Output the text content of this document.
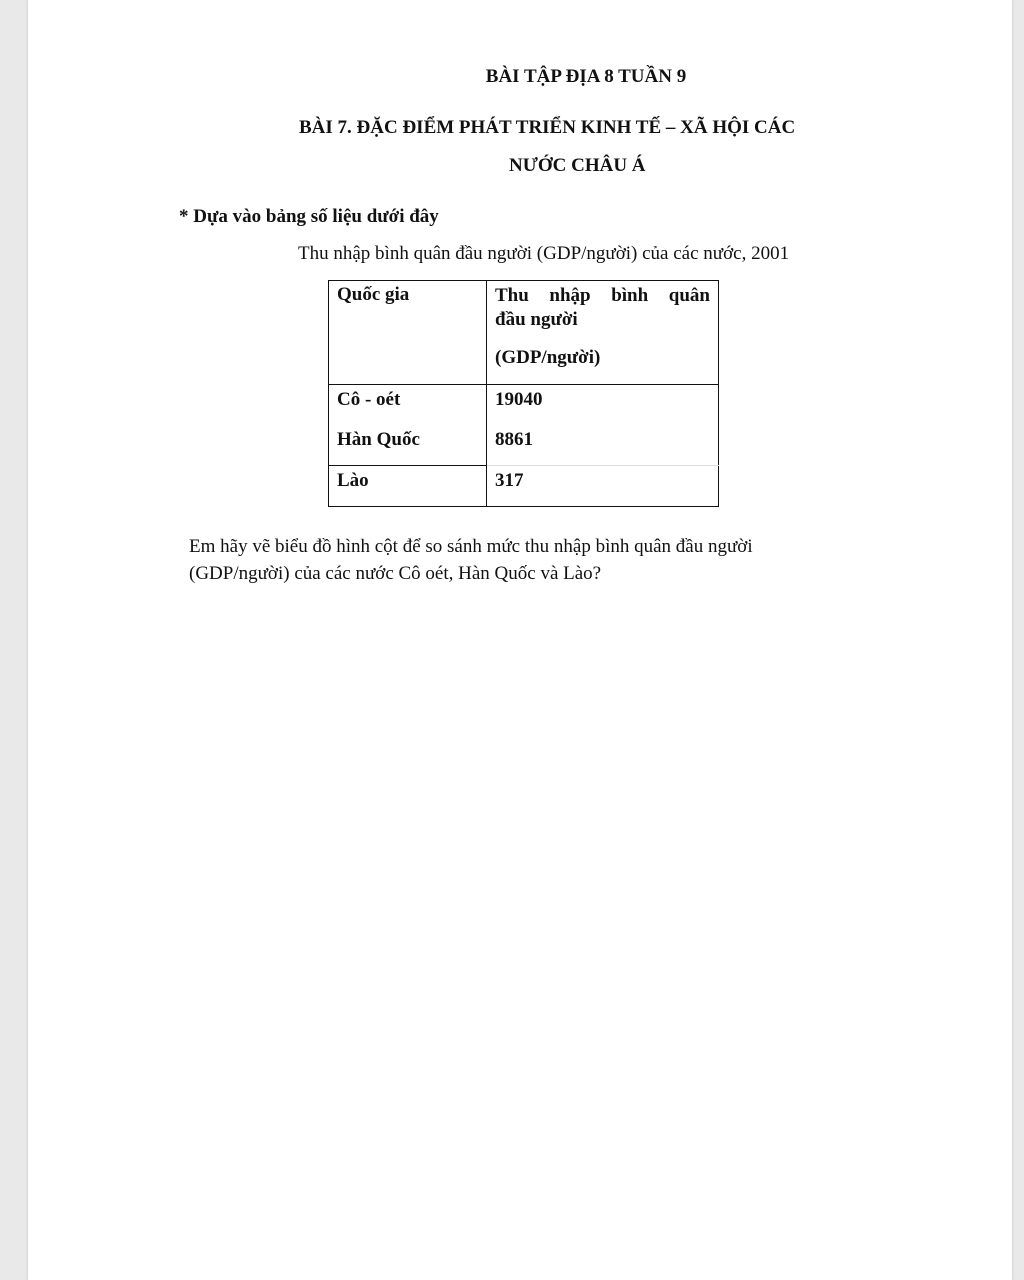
BÀI TẬP ĐỊA 8 TUẦN 9
BÀI 7. ĐẶC ĐIỂM PHÁT TRIỂN KINH TẾ – XÃ HỘI CÁC
NƯỚC CHÂU Á
* Dựa vào bảng số liệu dưới đây
Thu nhập bình quân đầu người (GDP/người) của các nước, 2001
Quốc gia	Thu nhập bình quân
đầu người
(GDP/người)

Cô - oét	19040
Hàn Quốc	8861
Lào	317
Em hãy vẽ biểu đồ hình cột để so sánh mức thu nhập bình quân đầu người
(GDP/người) của các nước Cô oét, Hàn Quốc và Lào?
